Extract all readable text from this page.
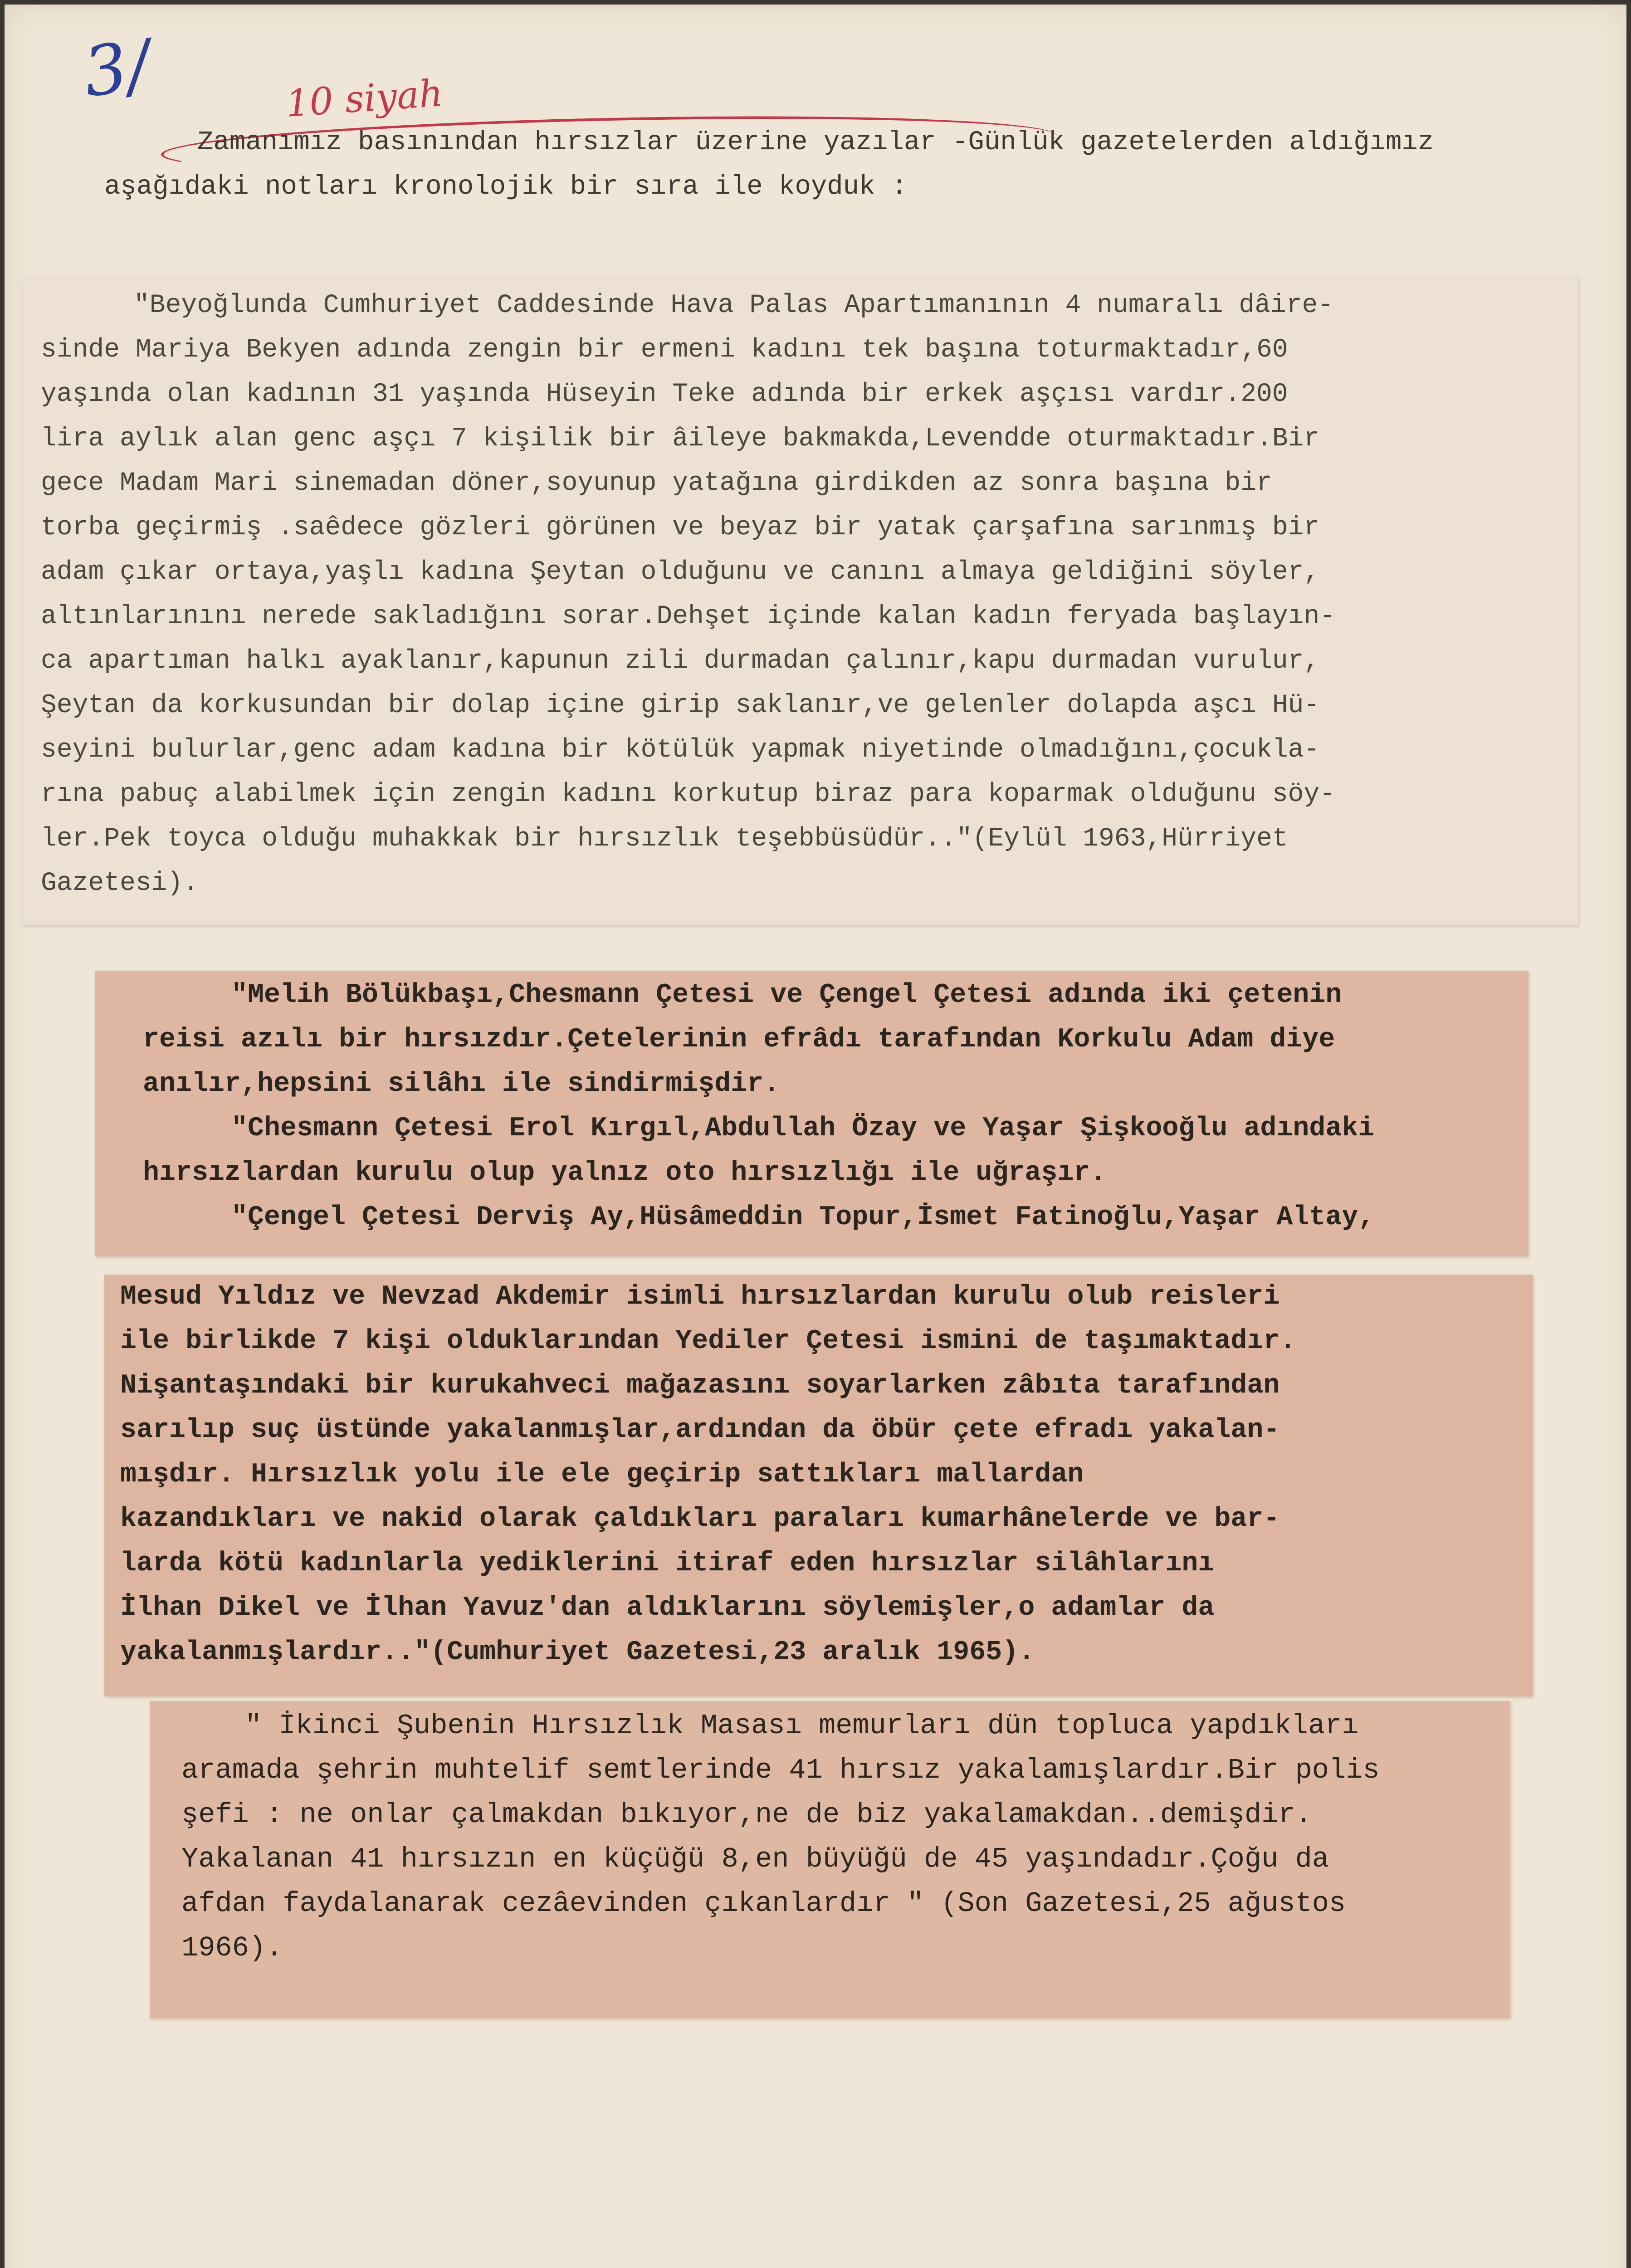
3/	10 siyah
Zamanımız basınından hırsızlar üzerine yazılar -Günlük gazetelerden aldığımız
aşağıdaki notları kronolojik bir sıra ile koyduk :
"Beyoğlunda Cumhuriyet Caddesinde Hava Palas Apartımanının 4 numaralı dâire-
sinde Mariya Bekyen adında zengin bir ermeni kadını tek başına toturmaktadır,60
yaşında olan kadının 31 yaşında Hüseyin Teke adında bir erkek aşçısı vardır.200
lira aylık alan genc aşçı 7 kişilik bir âileye bakmakda,Levendde oturmaktadır.Bir
gece Madam Mari sinemadan döner,soyunup yatağına girdikden az sonra başına bir
torba geçirmiş .saêdece gözleri görünen ve beyaz bir yatak çarşafına sarınmış bir
adam çıkar ortaya,yaşlı kadına Şeytan olduğunu ve canını almaya geldiğini söyler,
altınlarınını nerede sakladığını sorar.Dehşet içinde kalan kadın feryada başlayın-
ca apartıman halkı ayaklanır,kapunun zili durmadan çalınır,kapu durmadan vurulur,
Şeytan da korkusundan bir dolap içine girip saklanır,ve gelenler dolapda aşcı Hü-
seyini bulurlar,genc adam kadına bir kötülük yapmak niyetinde olmadığını,çocukla-
rına pabuç alabilmek için zengin kadını korkutup biraz para koparmak olduğunu söy-
ler.Pek toyca olduğu muhakkak bir hırsızlık teşebbüsüdür.."(Eylül 1963,Hürriyet
Gazetesi).
"Melih Bölükbaşı,Chesmann Çetesi ve Çengel Çetesi adında iki çetenin
reisi azılı bir hırsızdır.Çetelerinin efrâdı tarafından Korkulu Adam diye
anılır,hepsini silâhı ile sindirmişdir.
"Chesmann Çetesi Erol Kırgıl,Abdullah Özay ve Yaşar Şişkooğlu adındaki
hırsızlardan kurulu olup yalnız oto hırsızlığı ile uğraşır.
"Çengel Çetesi Derviş Ay,Hüsâmeddin Topur,İsmet Fatinoğlu,Yaşar Altay,
Mesud Yıldız ve Nevzad Akdemir isimli hırsızlardan kurulu olub reisleri
ile birlikde 7 kişi olduklarından Yediler Çetesi ismini de taşımaktadır.
Nişantaşındaki bir kurukahveci mağazasını soyarlarken zâbıta tarafından
sarılıp suç üstünde yakalanmışlar,ardından da öbür çete efradı yakalan-
mışdır. Hırsızlık yolu ile ele geçirip sattıkları mallardan
kazandıkları ve nakid olarak çaldıkları paraları kumarhânelerde ve bar-
larda kötü kadınlarla yediklerini itiraf eden hırsızlar silâhlarını
İlhan Dikel ve İlhan Yavuz'dan aldıklarını söylemişler,o adamlar da
yakalanmışlardır.."(Cumhuriyet Gazetesi,23 aralık 1965).
" İkinci Şubenin Hırsızlık Masası memurları dün topluca yapdıkları
aramada şehrin muhtelif semtlerinde 41 hırsız yakalamışlardır.Bir polis
şefi : ne onlar çalmakdan bıkıyor,ne de biz yakalamakdan..demişdir.
Yakalanan 41 hırsızın en küçüğü 8,en büyüğü de 45 yaşındadır.Çoğu da
afdan faydalanarak cezâevinden çıkanlardır " (Son Gazetesi,25 ağustos
1966).
